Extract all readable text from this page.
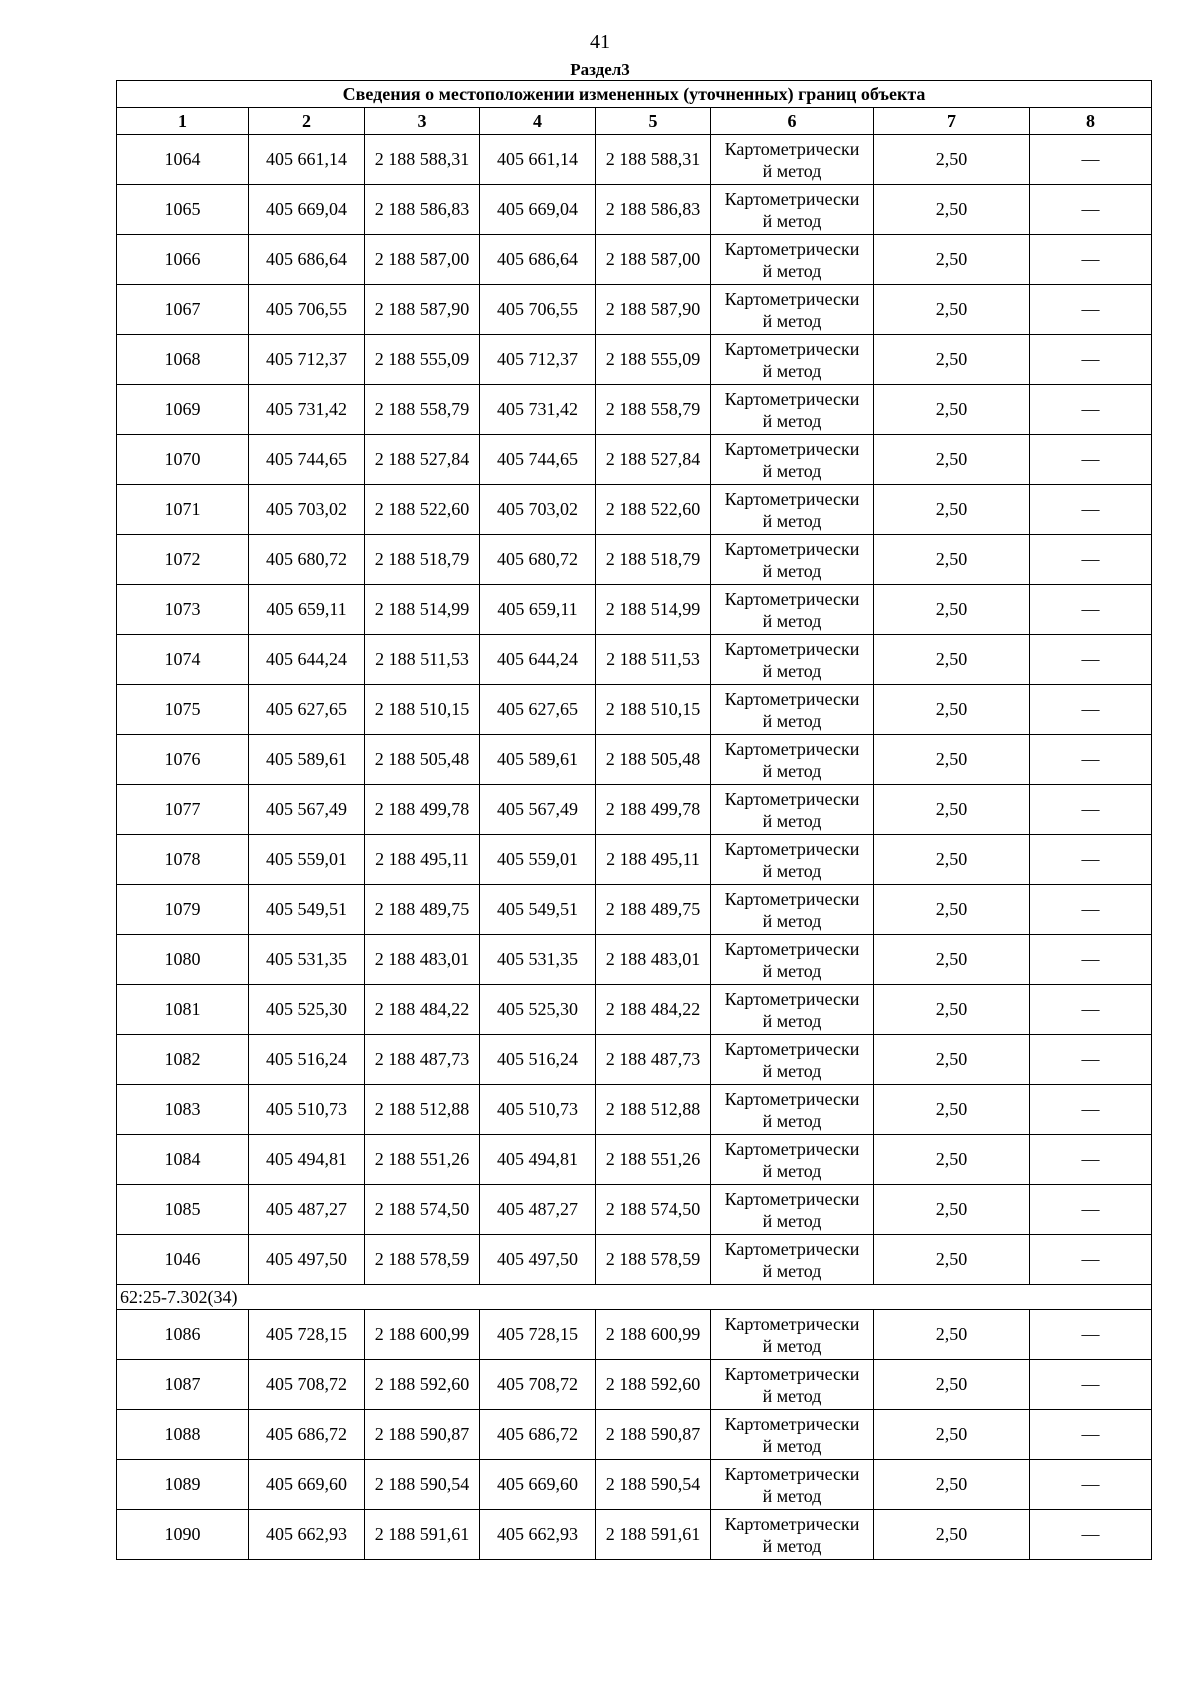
41
Раздел3
Сведения о местоположении измененных (уточненных) границ объекта							
1	2	3	4	5	6	7	8
1064	405 661,14	2 188 588,31	405 661,14	2 188 588,31	Картометрически
й метод	2,50	—
1065	405 669,04	2 188 586,83	405 669,04	2 188 586,83	Картометрически
й метод	2,50	—
1066	405 686,64	2 188 587,00	405 686,64	2 188 587,00	Картометрически
й метод	2,50	—
1067	405 706,55	2 188 587,90	405 706,55	2 188 587,90	Картометрически
й метод	2,50	—
1068	405 712,37	2 188 555,09	405 712,37	2 188 555,09	Картометрически
й метод	2,50	—
1069	405 731,42	2 188 558,79	405 731,42	2 188 558,79	Картометрически
й метод	2,50	—
1070	405 744,65	2 188 527,84	405 744,65	2 188 527,84	Картометрически
й метод	2,50	—
1071	405 703,02	2 188 522,60	405 703,02	2 188 522,60	Картометрически
й метод	2,50	—
1072	405 680,72	2 188 518,79	405 680,72	2 188 518,79	Картометрически
й метод	2,50	—
1073	405 659,11	2 188 514,99	405 659,11	2 188 514,99	Картометрически
й метод	2,50	—
1074	405 644,24	2 188 511,53	405 644,24	2 188 511,53	Картометрически
й метод	2,50	—
1075	405 627,65	2 188 510,15	405 627,65	2 188 510,15	Картометрически
й метод	2,50	—
1076	405 589,61	2 188 505,48	405 589,61	2 188 505,48	Картометрически
й метод	2,50	—
1077	405 567,49	2 188 499,78	405 567,49	2 188 499,78	Картометрически
й метод	2,50	—
1078	405 559,01	2 188 495,11	405 559,01	2 188 495,11	Картометрически
й метод	2,50	—
1079	405 549,51	2 188 489,75	405 549,51	2 188 489,75	Картометрически
й метод	2,50	—
1080	405 531,35	2 188 483,01	405 531,35	2 188 483,01	Картометрически
й метод	2,50	—
1081	405 525,30	2 188 484,22	405 525,30	2 188 484,22	Картометрически
й метод	2,50	—
1082	405 516,24	2 188 487,73	405 516,24	2 188 487,73	Картометрически
й метод	2,50	—
1083	405 510,73	2 188 512,88	405 510,73	2 188 512,88	Картометрически
й метод	2,50	—
1084	405 494,81	2 188 551,26	405 494,81	2 188 551,26	Картометрически
й метод	2,50	—
1085	405 487,27	2 188 574,50	405 487,27	2 188 574,50	Картометрически
й метод	2,50	—
1046	405 497,50	2 188 578,59	405 497,50	2 188 578,59	Картометрически
й метод	2,50	—
62:25-7.302(34)							
1086	405 728,15	2 188 600,99	405 728,15	2 188 600,99	Картометрически
й метод	2,50	—
1087	405 708,72	2 188 592,60	405 708,72	2 188 592,60	Картометрически
й метод	2,50	—
1088	405 686,72	2 188 590,87	405 686,72	2 188 590,87	Картометрически
й метод	2,50	—
1089	405 669,60	2 188 590,54	405 669,60	2 188 590,54	Картометрически
й метод	2,50	—
1090	405 662,93	2 188 591,61	405 662,93	2 188 591,61	Картометрически
й метод	2,50	—
